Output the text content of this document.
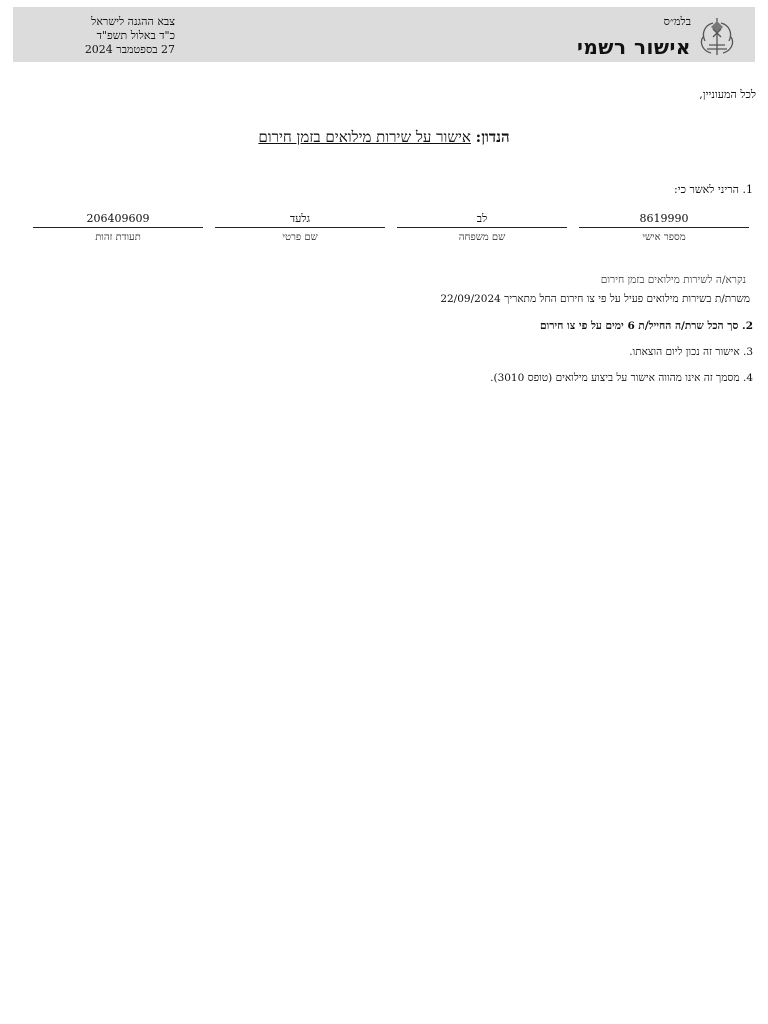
צבא ההגנה לישראל
כ"ד באלול תשפ"ד
27 בספטמבר 2024
בלמ״ס
אישור רשמי
לכל המעוניין,
הנדון: אישור על שירות מילואים בזמן חירום
1. הריני לאשר כי:
8619990
מספר אישי
לב
שם משפחה
גלעד
שם פרטי
206409609
תעודת זהות
נקרא/ה לשירות מילואים בזמן חירום
משרת/ת בשירות מילואים פעיל על פי צו חירום החל מתאריך 22/09/2024
2. סך הכל שרת/ה החייל/ת 6 ימים על פי צו חירום
3. אישור זה נכון ליום הוצאתו.
4. מסמך זה אינו מהווה אישור על ביצוע מילואים (טופס 3010).
